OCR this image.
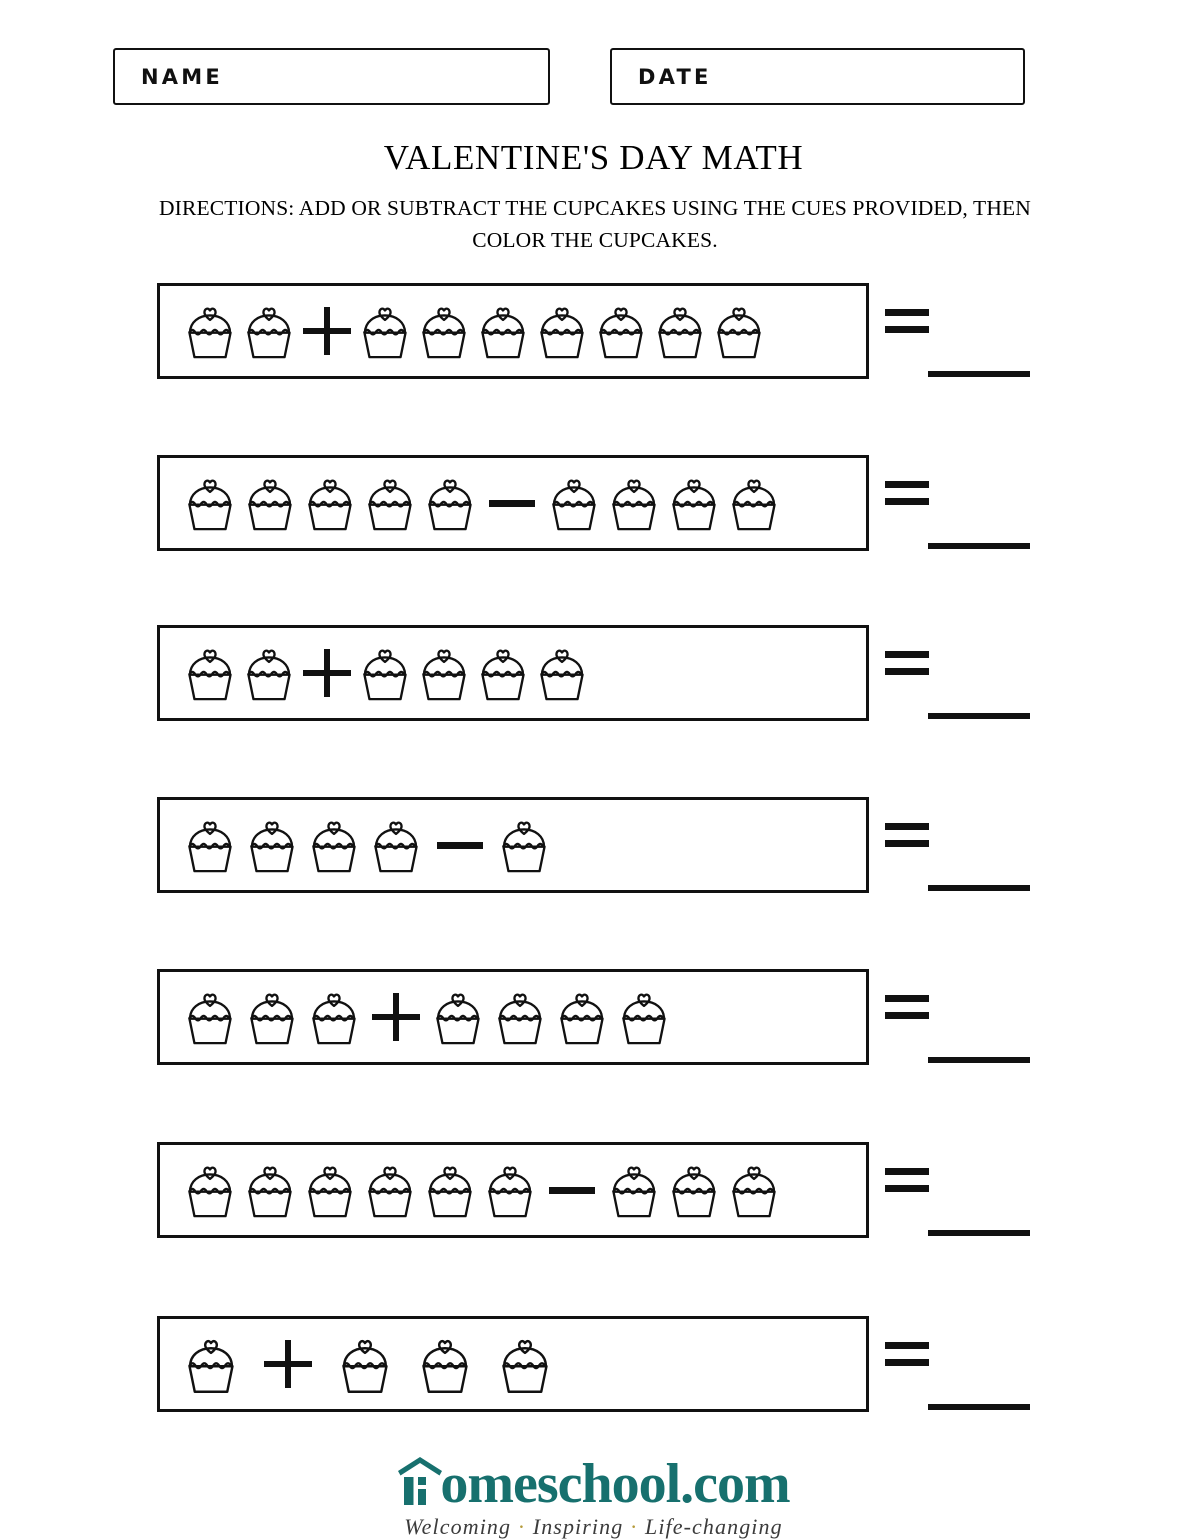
NAME	DATE
VALENTINE'S DAY MATH
DIRECTIONS: ADD OR SUBTRACT THE CUPCAKES USING THE CUES PROVIDED, THEN COLOR THE CUPCAKES.
omeschool.com
Welcoming · Inspiring · Life-changing
